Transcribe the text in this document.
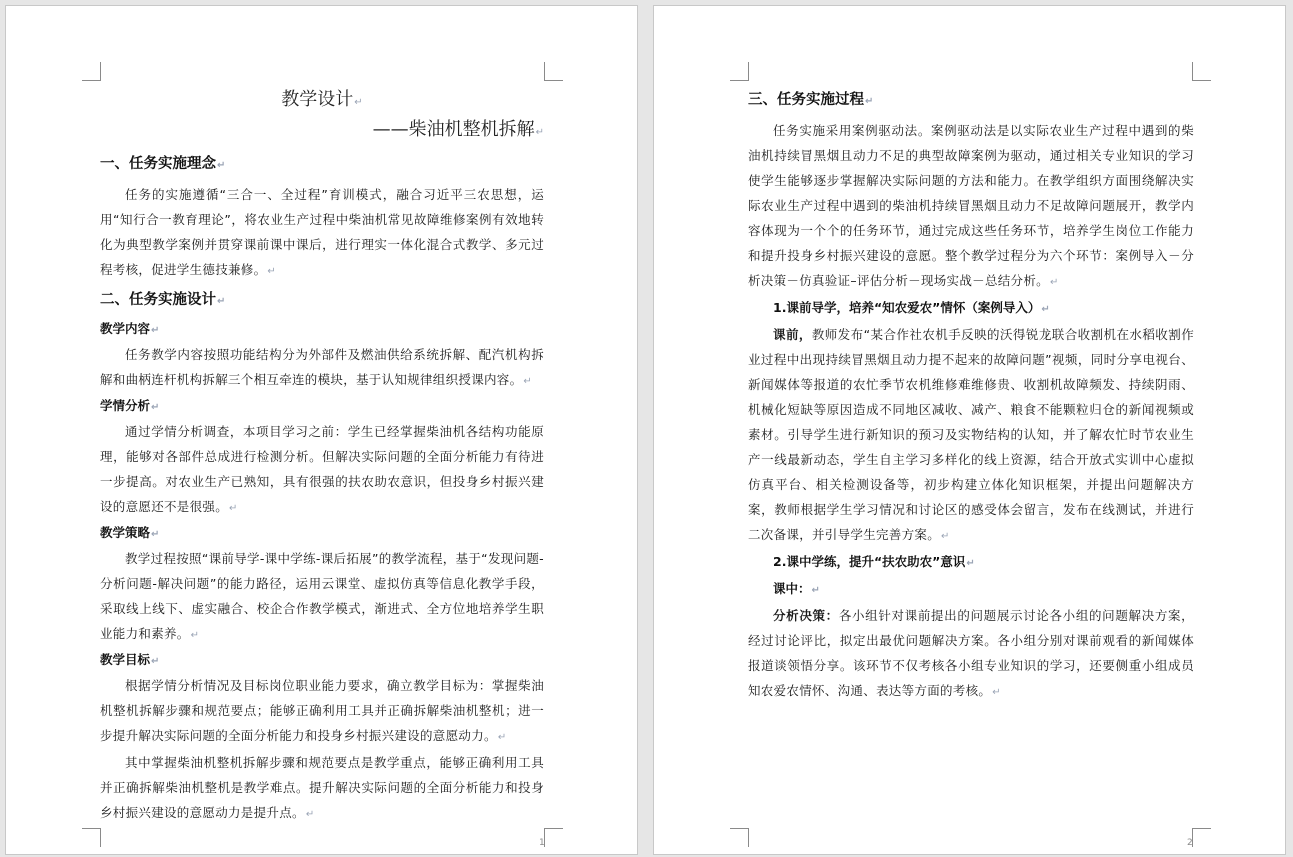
教学设计↵
——柴油机整机拆解↵
一、任务实施理念↵

任务的实施遵循“三合一、全过程”育训模式，融合习近平三农思想，运用“知行合一教育理论”，将农业生产过程中柴油机常见故障维修案例有效地转化为典型教学案例并贯穿课前课中课后，进行理实一体化混合式教学、多元过程考核，促进学生德技兼修。↵

二、任务实施设计↵
教学内容↵

任务教学内容按照功能结构分为外部件及燃油供给系统拆解、配汽机构拆解和曲柄连杆机构拆解三个相互牵连的模块，基于认知规律组织授课内容。↵

学情分析↵

通过学情分析调查，本项目学习之前：学生已经掌握柴油机各结构功能原理，能够对各部件总成进行检测分析。但解决实际问题的全面分析能力有待进一步提高。对农业生产已熟知，具有很强的扶农助农意识，但投身乡村振兴建设的意愿还不是很强。↵

教学策略↵

教学过程按照“课前导学-课中学练-课后拓展”的教学流程，基于“发现问题-分析问题-解决问题”的能力路径，运用云课堂、虚拟仿真等信息化教学手段，采取线上线下、虚实融合、校企合作教学模式，渐进式、全方位地培养学生职业能力和素养。↵

教学目标↵

根据学情分析情况及目标岗位职业能力要求，确立教学目标为：掌握柴油机整机拆解步骤和规范要点；能够正确利用工具并正确拆解柴油机整机；进一步提升解决实际问题的全面分析能力和投身乡村振兴建设的意愿动力。↵

其中掌握柴油机整机拆解步骤和规范要点是教学重点，能够正确利用工具并正确拆解柴油机整机是教学难点。提升解决实际问题的全面分析能力和投身乡村振兴建设的意愿动力是提升点。↵

1
三、任务实施过程↵

任务实施采用案例驱动法。案例驱动法是以实际农业生产过程中遇到的柴油机持续冒黑烟且动力不足的典型故障案例为驱动，通过相关专业知识的学习使学生能够逐步掌握解决实际问题的方法和能力。在教学组织方面围绕解决实际农业生产过程中遇到的柴油机持续冒黑烟且动力不足故障问题展开，教学内容体现为一个个的任务环节，通过完成这些任务环节，培养学生岗位工作能力和提升投身乡村振兴建设的意愿。整个教学过程分为六个环节：案例导入－分析决策－仿真验证–评估分析－现场实战－总结分析。↵

1.课前导学，培养“知农爱农”情怀（案例导入）↵

课前，教师发布“某合作社农机手反映的沃得锐龙联合收割机在水稻收割作业过程中出现持续冒黑烟且动力提不起来的故障问题”视频，同时分享电视台、新闻媒体等报道的农忙季节农机维修难维修贵、收割机故障频发、持续阴雨、机械化短缺等原因造成不同地区减收、减产、粮食不能颗粒归仓的新闻视频或素材。引导学生进行新知识的预习及实物结构的认知，并了解农忙时节农业生产一线最新动态，学生自主学习多样化的线上资源，结合开放式实训中心虚拟仿真平台、相关检测设备等，初步构建立体化知识框架，并提出问题解决方案，教师根据学生学习情况和讨论区的感受体会留言，发布在线测试，并进行二次备课，并引导学生完善方案。↵

2.课中学练，提升“扶农助农”意识↵
课中：↵

分析决策：各小组针对课前提出的问题展示讨论各小组的问题解决方案，经过讨论评比，拟定出最优问题解决方案。各小组分别对课前观看的新闻媒体报道谈领悟分享。该环节不仅考核各小组专业知识的学习，还要侧重小组成员知农爱农情怀、沟通、表达等方面的考核。↵

2
